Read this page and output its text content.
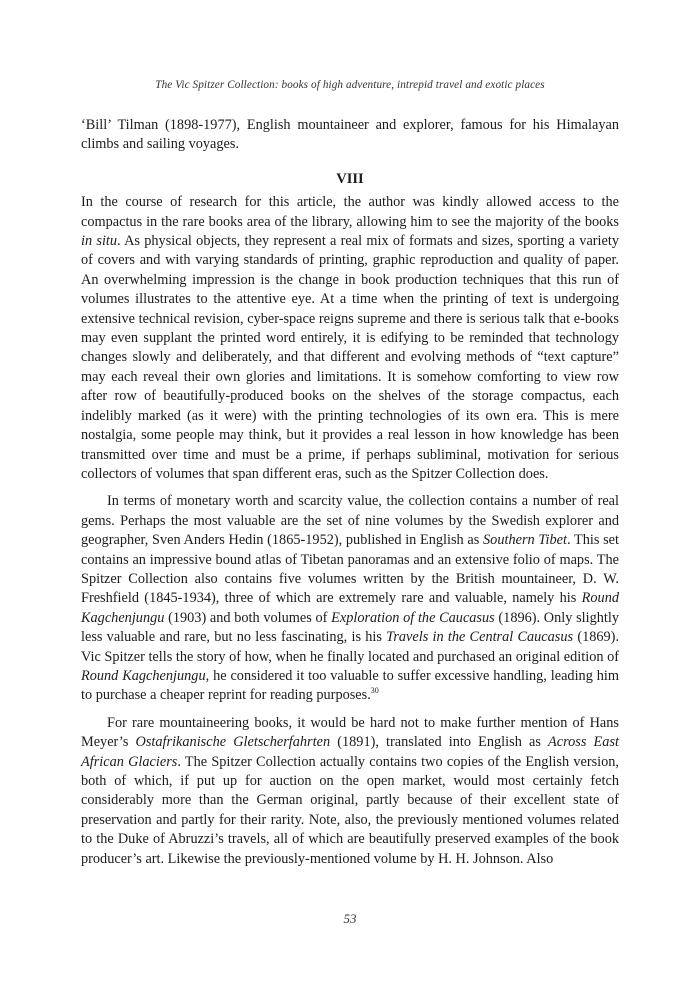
The Vic Spitzer Collection: books of high adventure, intrepid travel and exotic places

‘Bill’ Tilman (1898-1977), English mountaineer and explorer, famous for his Himalayan climbs and sailing voyages.

VIII

In the course of research for this article, the author was kindly allowed access to the compactus in the rare books area of the library, allowing him to see the majority of the books in situ. As physical objects, they represent a real mix of formats and sizes, sporting a variety of covers and with varying standards of printing, graphic reproduction and quality of paper. An overwhelming impression is the change in book production techniques that this run of volumes illustrates to the attentive eye. At a time when the printing of text is undergoing extensive technical revision, cyber-space reigns supreme and there is serious talk that e-books may even supplant the printed word entirely, it is edifying to be reminded that technology changes slowly and deliberately, and that different and evolving methods of “text capture” may each reveal their own glories and limitations. It is somehow comforting to view row after row of beautifully-produced books on the shelves of the storage compactus, each indelibly marked (as it were) with the printing technologies of its own era. This is mere nostalgia, some people may think, but it provides a real lesson in how knowledge has been transmitted over time and must be a prime, if perhaps subliminal, motivation for serious collectors of volumes that span different eras, such as the Spitzer Collection does.

In terms of monetary worth and scarcity value, the collection contains a number of real gems. Perhaps the most valuable are the set of nine volumes by the Swedish explorer and geographer, Sven Anders Hedin (1865-1952), published in English as Southern Tibet. This set contains an impressive bound atlas of Tibetan panoramas and an extensive folio of maps. The Spitzer Collection also contains five volumes written by the British mountaineer, D. W. Freshfield (1845-1934), three of which are extremely rare and valuable, namely his Round Kagchenjungu (1903) and both volumes of Exploration of the Caucasus (1896). Only slightly less valuable and rare, but no less fascinating, is his Travels in the Central Caucasus (1869). Vic Spitzer tells the story of how, when he finally located and purchased an original edition of Round Kagchenjungu, he considered it too valuable to suffer excessive handling, leading him to purchase a cheaper reprint for reading purposes.$^{30}$

For rare mountaineering books, it would be hard not to make further mention of Hans Meyer’s Ostafrikanische Gletscherfahrten (1891), translated into English as Across East African Glaciers. The Spitzer Collection actually contains two copies of the English version, both of which, if put up for auction on the open market, would most certainly fetch considerably more than the German original, partly because of their excellent state of preservation and partly for their rarity. Note, also, the previously mentioned volumes related to the Duke of Abruzzi’s travels, all of which are beautifully preserved examples of the book producer’s art. Likewise the previously-mentioned volume by H. H. Johnson. Also

53
